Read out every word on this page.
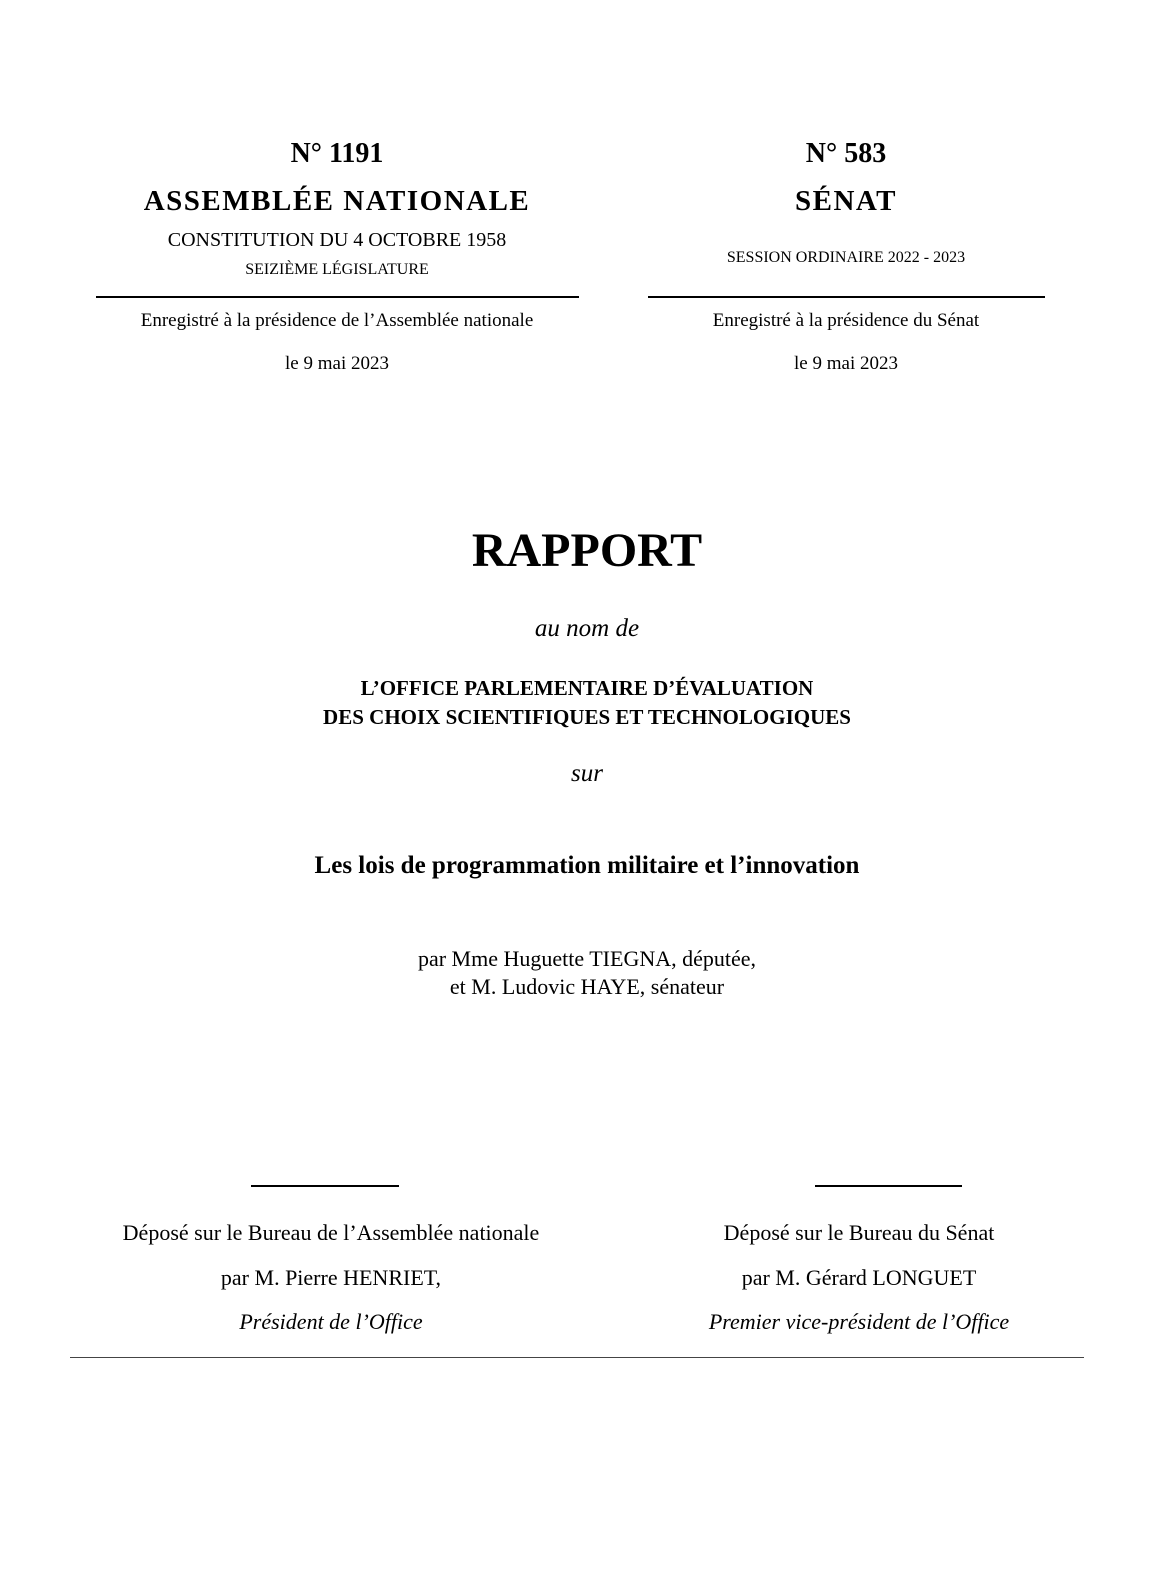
N° 1191
ASSEMBLÉE NATIONALE
CONSTITUTION DU 4 OCTOBRE 1958
SEIZIÈME LÉGISLATURE
Enregistré à la présidence de l’Assemblée nationale
le 9 mai 2023
N° 583
SÉNAT
SESSION ORDINAIRE 2022 - 2023
Enregistré à la présidence du Sénat
le 9 mai 2023
RAPPORT
au nom de
L’OFFICE PARLEMENTAIRE D’ÉVALUATION
DES CHOIX SCIENTIFIQUES ET TECHNOLOGIQUES
sur
Les lois de programmation militaire et l’innovation
par Mme Huguette TIEGNA, députée,
et M. Ludovic HAYE, sénateur
Déposé sur le Bureau de l’Assemblée nationale
par M. Pierre HENRIET,
Président de l’Office
Déposé sur le Bureau du Sénat
par M. Gérard LONGUET
Premier vice-président de l’Office
